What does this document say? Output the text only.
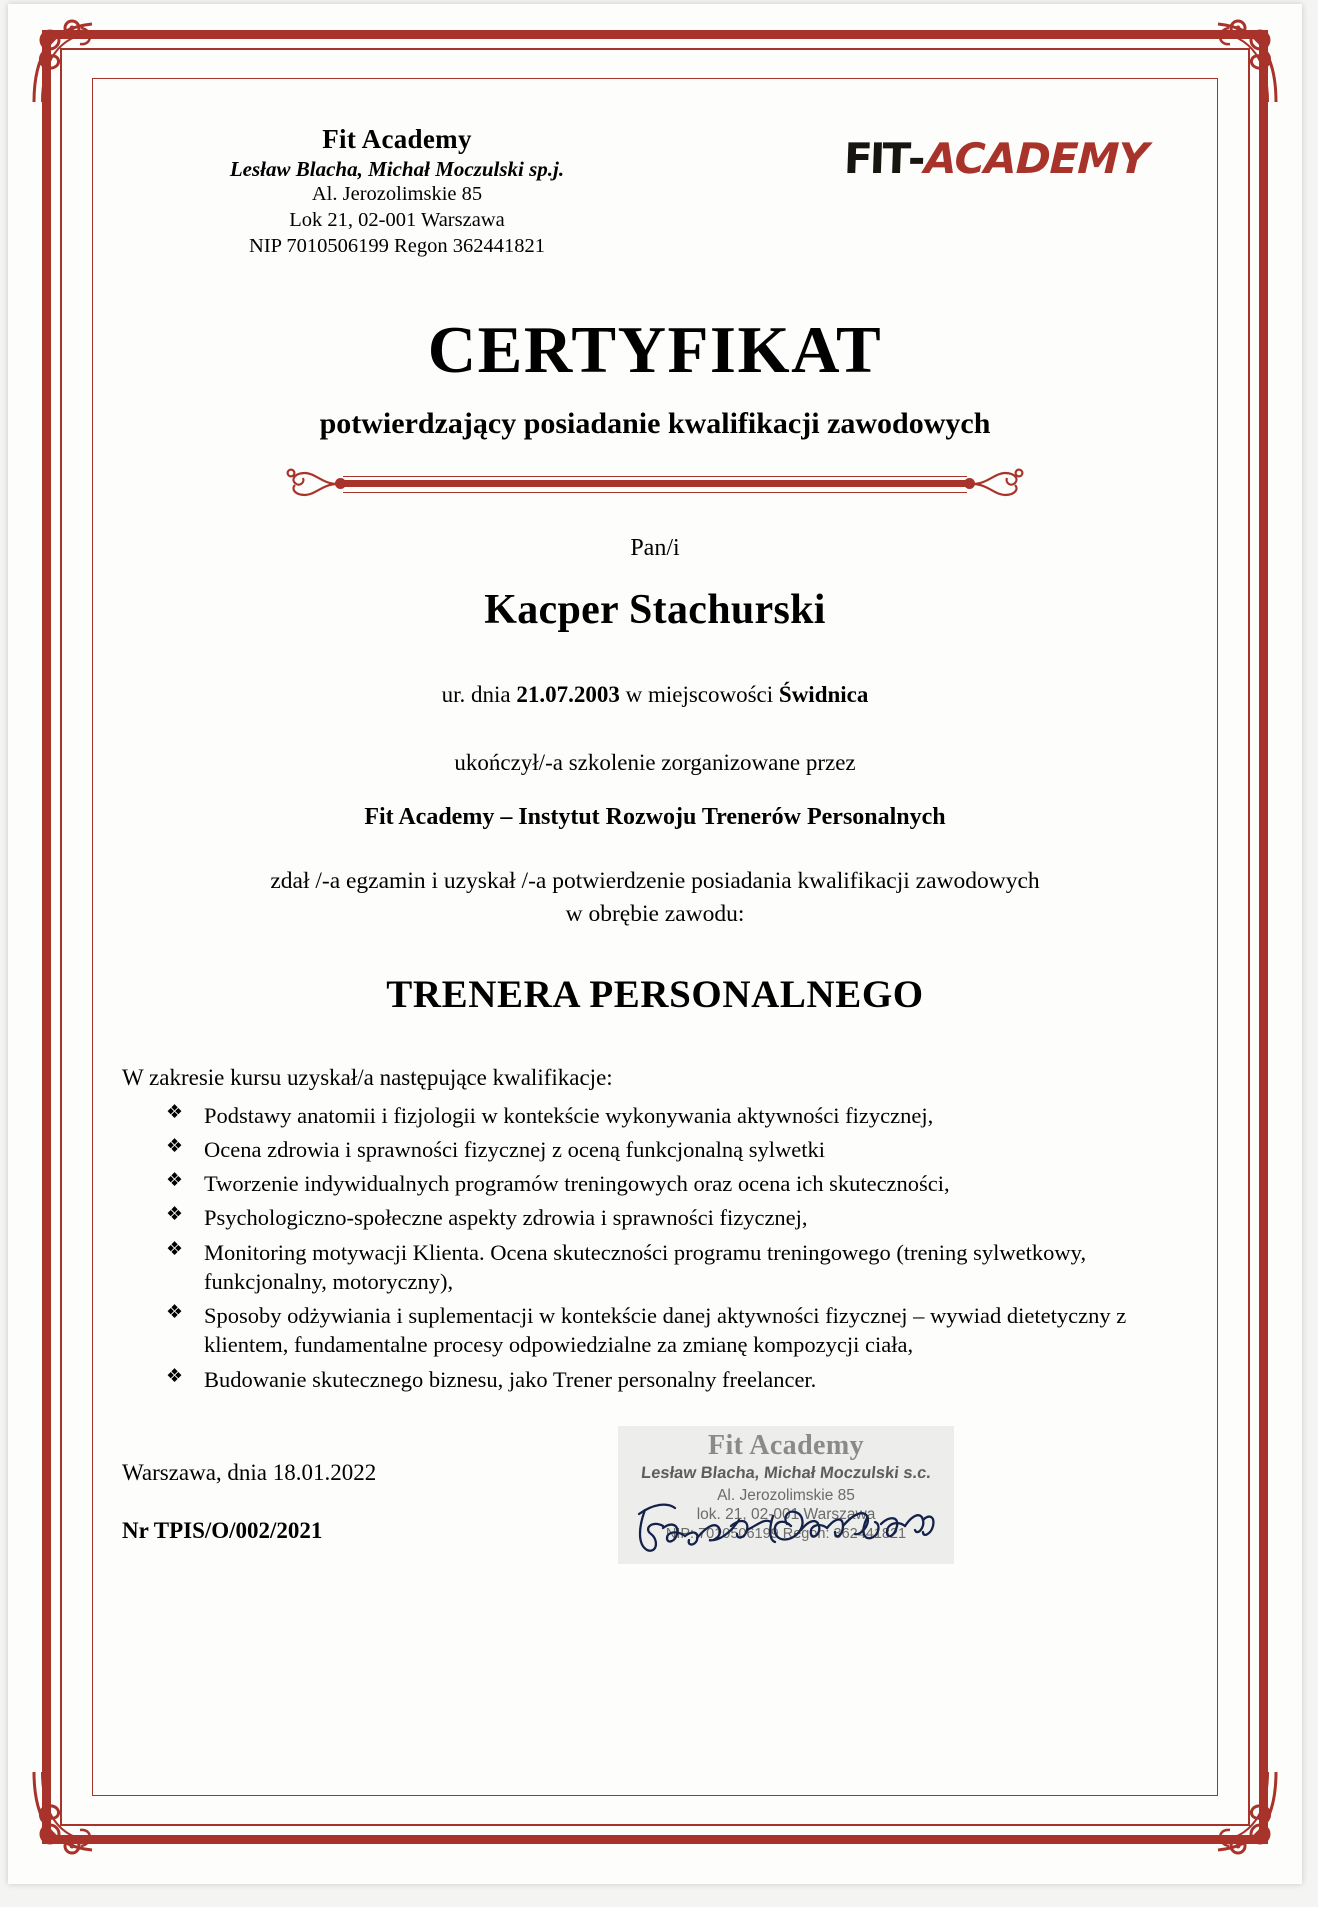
Fit Academy
Lesław Blacha, Michał Moczulski sp.j.
Al. Jerozolimskie 85
Lok 21, 02-001 Warszawa
NIP 7010506199 Regon 362441821
FIT-ACADEMY
CERTYFIKAT
potwierdzający posiadanie kwalifikacji zawodowych
Pan/i
Kacper Stachurski
ur. dnia 21.07.2003 w miejscowości Świdnica
ukończył/-a szkolenie zorganizowane przez
Fit Academy – Instytut Rozwoju Trenerów Personalnych
zdał /-a egzamin i uzyskał /-a potwierdzenie posiadania kwalifikacji zawodowych
w obrębie zawodu:
TRENERA PERSONALNEGO
W zakresie kursu uzyskał/a następujące kwalifikacje:
❖ Podstawy anatomii i fizjologii w kontekście wykonywania aktywności fizycznej,
❖ Ocena zdrowia i sprawności fizycznej z oceną funkcjonalną sylwetki
❖ Tworzenie indywidualnych programów treningowych oraz ocena ich skuteczności,
❖ Psychologiczno-społeczne aspekty zdrowia i sprawności fizycznej,
❖ Monitoring motywacji Klienta. Ocena skuteczności programu treningowego (trening sylwetkowy, funkcjonalny, motoryczny),
❖ Sposoby odżywiania i suplementacji w kontekście danej aktywności fizycznej – wywiad dietetyczny z klientem, fundamentalne procesy odpowiedzialne za zmianę kompozycji ciała,
❖ Budowanie skutecznego biznesu, jako Trener personalny freelancer.
Warszawa, dnia 18.01.2022
Nr TPIS/O/002/2021
Fit Academy
Lesław Blacha, Michał Moczulski s.c.
Al. Jerozolimskie 85
lok. 21, 02-001 Warszawa
NIP: 7010506199 Regon: 362441821
